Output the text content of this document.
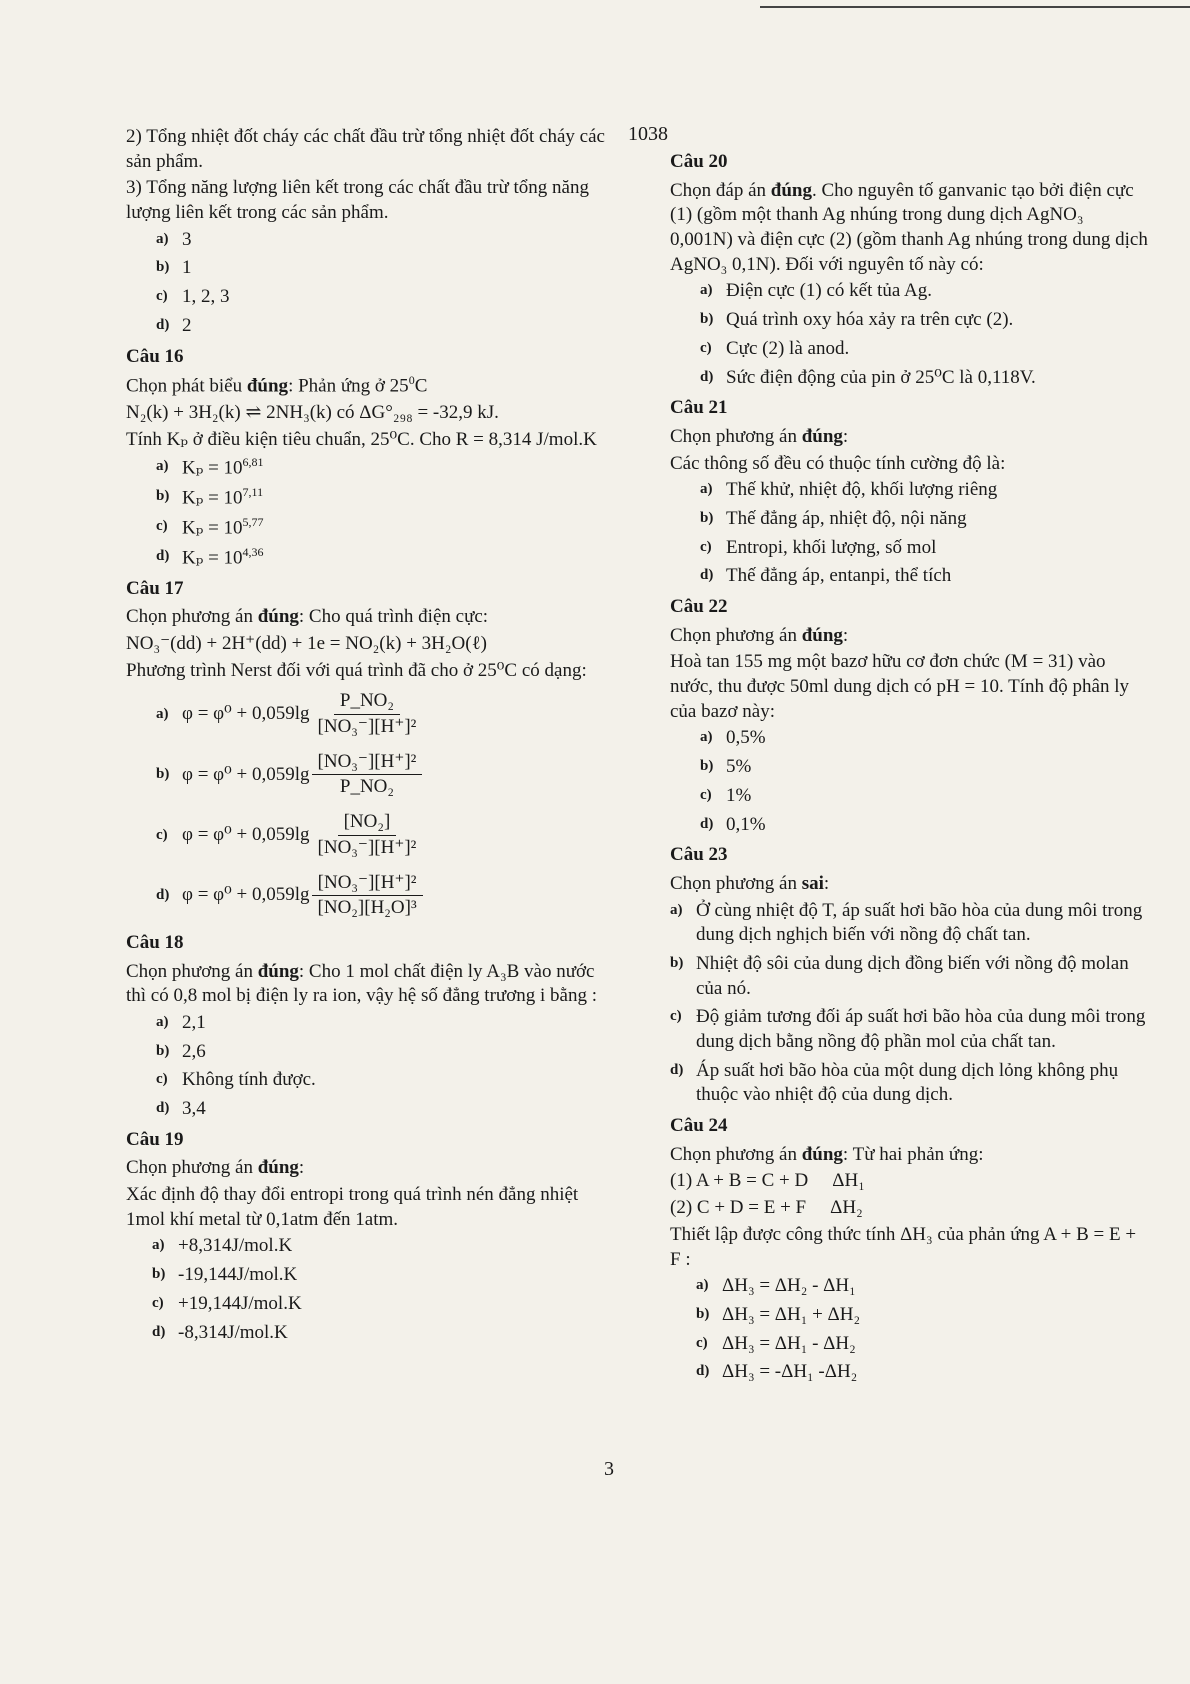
1038

2) Tổng nhiệt đốt cháy các chất đầu trừ tổng nhiệt đốt cháy các sản phẩm.

3) Tổng năng lượng liên kết trong các chất đầu trừ tổng năng lượng liên kết trong các sản phẩm.

a) 3
b) 1
c) 1, 2, 3
d) 2
Câu 16

Chọn phát biểu đúng: Phản ứng ở $25^0C$

N₂(k) + 3H₂(k) ⇌ 2NH₃(k) có ΔG°₂₉₈ = -32,9 kJ.

Tính Kₚ ở điều kiện tiêu chuẩn, 25⁰C. Cho R = 8,314 J/mol.K

a) $K_p = 10^{6,81}$
b) $K_p = 10^{7,11}$
c) $K_p = 10^{5,77}$
d) $K_p = 10^{4,36}$
Câu 17

Chọn phương án đúng: Cho quá trình điện cực:

NO₃⁻(dd) + 2H⁺(dd) + 1e = NO₂(k) + 3H₂O(ℓ)

Phương trình Nerst đối với quá trình đã cho ở 25⁰C có dạng:

a) φ = φ⁰ + 0,059lg
P_NO₂
[NO₃⁻][H⁺]²
b) φ = φ⁰ + 0,059lg
[NO₃⁻][H⁺]²
P_NO₂
c) φ = φ⁰ + 0,059lg
[NO₂]
[NO₃⁻][H⁺]²
d) φ = φ⁰ + 0,059lg
[NO₃⁻][H⁺]²
[NO₂][H₂O]³
Câu 18

Chọn phương án đúng: Cho 1 mol chất điện ly A₃B vào nước thì có 0,8 mol bị điện ly ra ion, vậy hệ số đẳng trương i bằng :

a) 2,1
b) 2,6
c) Không tính được.
d) 3,4
Câu 19

Chọn phương án đúng:

Xác định độ thay đổi entropi trong quá trình nén đẳng nhiệt 1mol khí metal từ 0,1atm đến 1atm.

a) +8,314J/mol.K
b) -19,144J/mol.K
c) +19,144J/mol.K
d) -8,314J/mol.K
Câu 20

Chọn đáp án đúng. Cho nguyên tố ganvanic tạo bởi điện cực (1) (gồm một thanh Ag nhúng trong dung dịch AgNO₃ 0,001N) và điện cực (2) (gồm thanh Ag nhúng trong dung dịch AgNO₃ 0,1N). Đối với nguyên tố này có:

a) Điện cực (1) có kết tủa Ag.
b) Quá trình oxy hóa xảy ra trên cực (2).
c) Cực (2) là anod.
d) Sức điện động của pin ở 25⁰C là 0,118V.
Câu 21

Chọn phương án đúng:

Các thông số đều có thuộc tính cường độ là:

a) Thế khử, nhiệt độ, khối lượng riêng
b) Thế đẳng áp, nhiệt độ, nội năng
c) Entropi, khối lượng, số mol
d) Thế đẳng áp, entanpi, thể tích
Câu 22

Chọn phương án đúng:

Hoà tan 155 mg một bazơ hữu cơ đơn chức (M = 31) vào nước, thu được 50ml dung dịch có pH = 10. Tính độ phân ly của bazơ này:

a) 0,5%
b) 5%
c) 1%
d) 0,1%
Câu 23

Chọn phương án sai:

a) Ở cùng nhiệt độ T, áp suất hơi bão hòa của dung môi trong dung dịch nghịch biến với nồng độ chất tan.
b) Nhiệt độ sôi của dung dịch đồng biến với nồng độ molan của nó.
c) Độ giảm tương đối áp suất hơi bão hòa của dung môi trong dung dịch bằng nồng độ phần mol của chất tan.
d) Áp suất hơi bão hòa của một dung dịch lỏng không phụ thuộc vào nhiệt độ của dung dịch.
Câu 24

Chọn phương án đúng: Từ hai phản ứng:

(1) A + B = C + D ΔH₁

(2) C + D = E + F ΔH₂

Thiết lập được công thức tính ΔH₃ của phản ứng A + B = E + F :

a) ΔH₃ = ΔH₂ - ΔH₁
b) ΔH₃ = ΔH₁ + ΔH₂
c) ΔH₃ = ΔH₁ - ΔH₂
d) ΔH₃ = -ΔH₁ -ΔH₂
3
